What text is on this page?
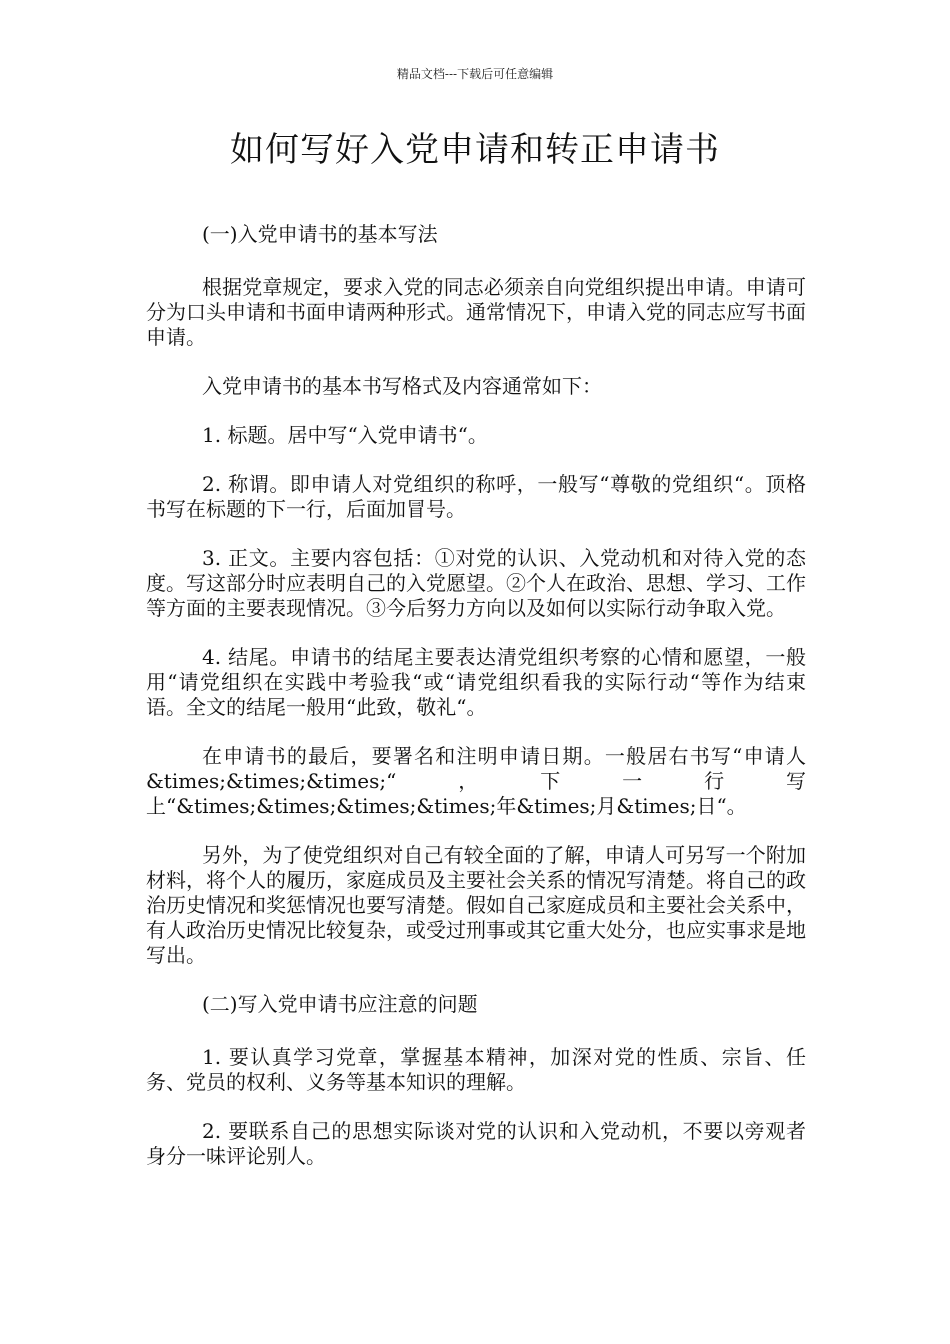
精品文档---下载后可任意编辑
如何写好入党申请和转正申请书

(一)入党申请书的基本写法

根据党章规定，要求入党的同志必须亲自向党组织提出申请。申请可分为口头申请和书面申请两种形式。通常情况下，申请入党的同志应写书面申请。

入党申请书的基本书写格式及内容通常如下：

1. 标题。居中写“入党申请书“。

2. 称谓。即申请人对党组织的称呼，一般写“尊敬的党组织“。顶格书写在标题的下一行，后面加冒号。

3. 正文。主要内容包括：①对党的认识、入党动机和对待入党的态度。写这部分时应表明自己的入党愿望。②个人在政治、思想、学习、工作等方面的主要表现情况。③今后努力方向以及如何以实际行动争取入党。

4. 结尾。申请书的结尾主要表达清党组织考察的心情和愿望，一般用“请党组织在实践中考验我“或“请党组织看我的实际行动“等作为结束语。全文的结尾一般用“此致，敬礼“。

在申请书的最后，要署名和注明申请日期。一般居右书写“申请人&times;&times;&times;“，下一行写上“&times;&times;&times;&times;年&times;月&times;日“。

另外，为了使党组织对自己有较全面的了解，申请人可另写一个附加材料，将个人的履历，家庭成员及主要社会关系的情况写清楚。将自己的政治历史情况和奖惩情况也要写清楚。假如自己家庭成员和主要社会关系中，有人政治历史情况比较复杂，或受过刑事或其它重大处分，也应实事求是地写出。

(二)写入党申请书应注意的问题

1. 要认真学习党章，掌握基本精神，加深对党的性质、宗旨、任务、党员的权利、义务等基本知识的理解。

2. 要联系自己的思想实际谈对党的认识和入党动机，不要以旁观者身分一味评论别人。
